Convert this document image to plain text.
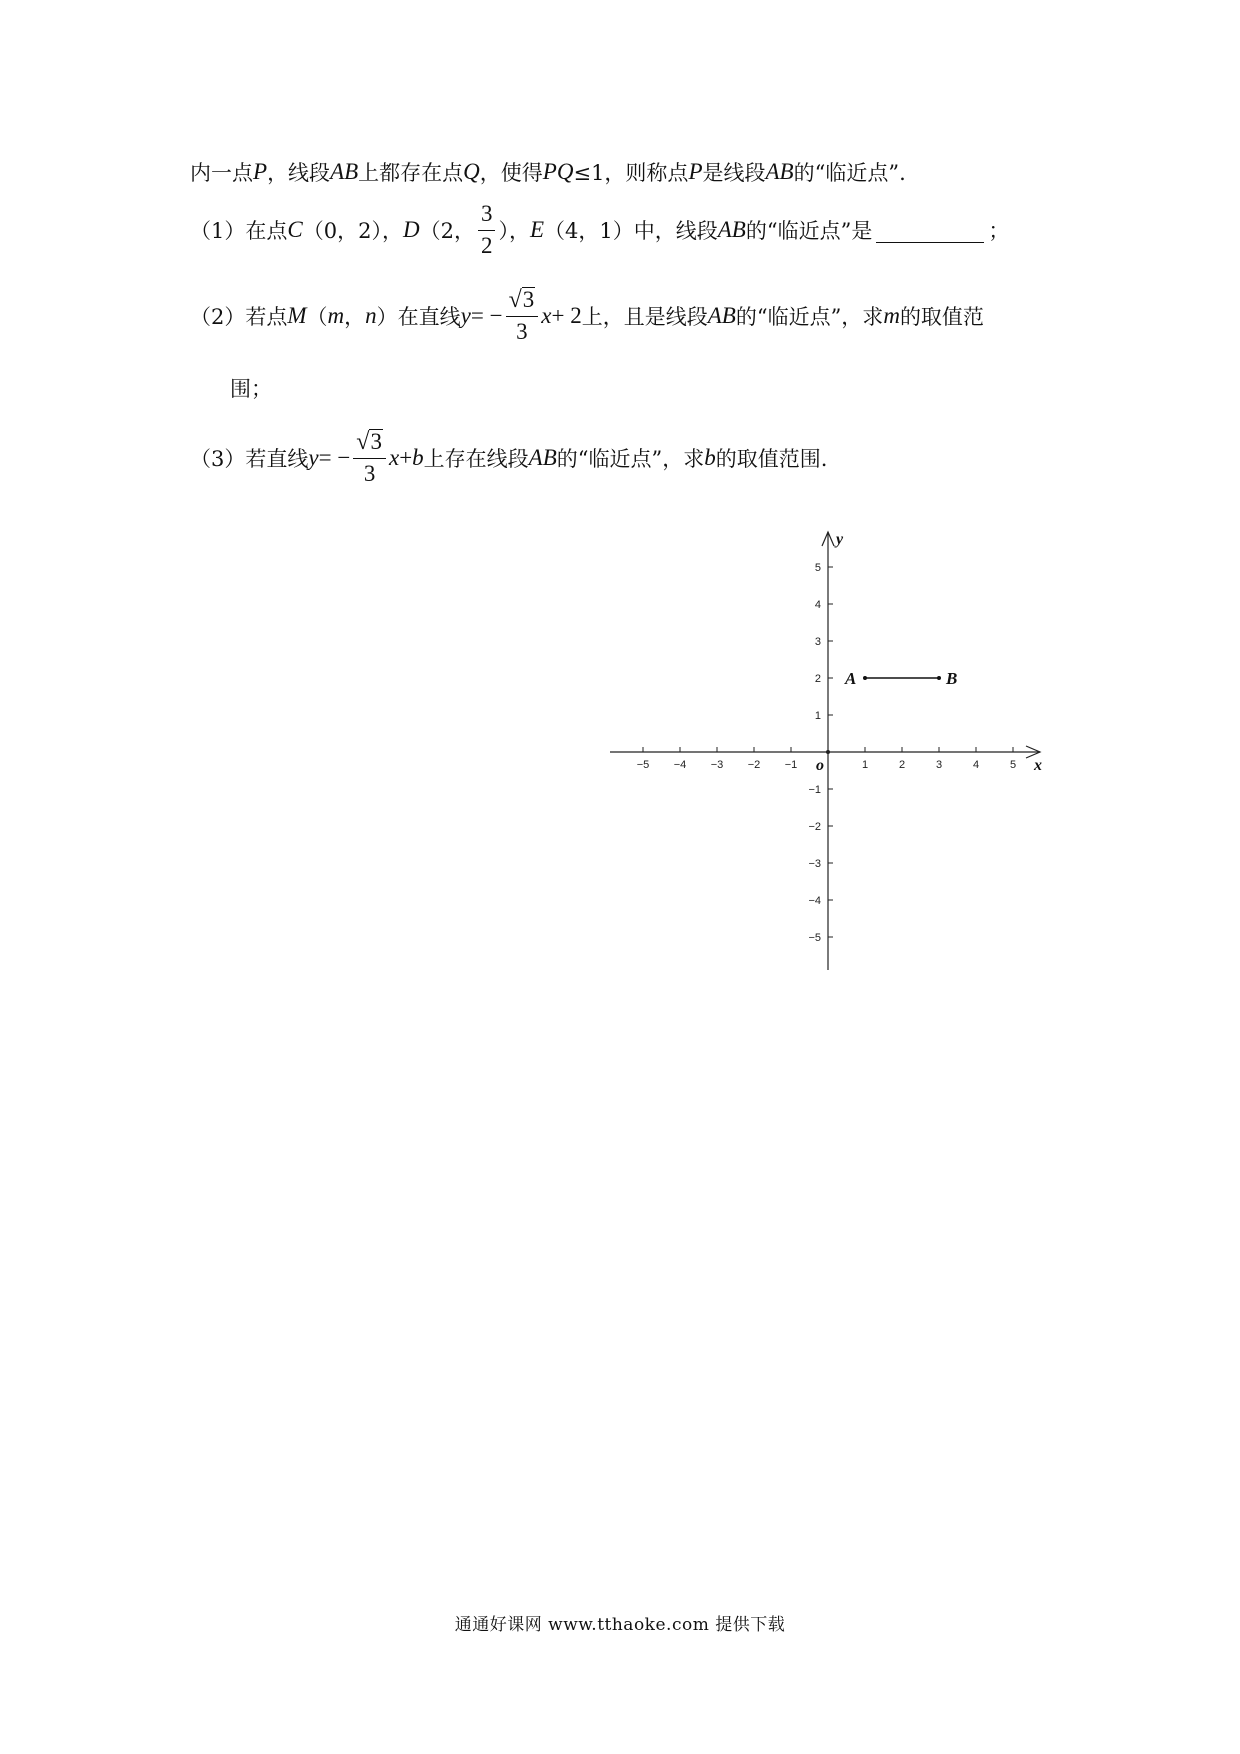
内一点 P ，线段 AB 上都存在点 Q ，使得 PQ ≤1，则称点 P 是线段 AB 的“临近点”.
（1）在点 C （0，2）， D （2， $\frac{3}{2}$ ）， E （4，1）中，线段 AB 的“临近点”是	；
（2）若点 M （ m ， n ）在直线 y = − $\frac{√ 3}{3}$ x + 2 上，且是线段 AB 的“临近点”，求 m 的取值范
围；
（3）若直线 y = − $\frac{√ 3}{3}$ x + b 上存在线段 AB 的“临近点”，求 b 的取值范围.
−5 −4 −3 −2 −1	1	2	3	4	5
5
4
3
2
1
−1
−2
−3
−4
−5
x
y
o
A	B
通通好课网 www.tthaoke.com 提供下载
